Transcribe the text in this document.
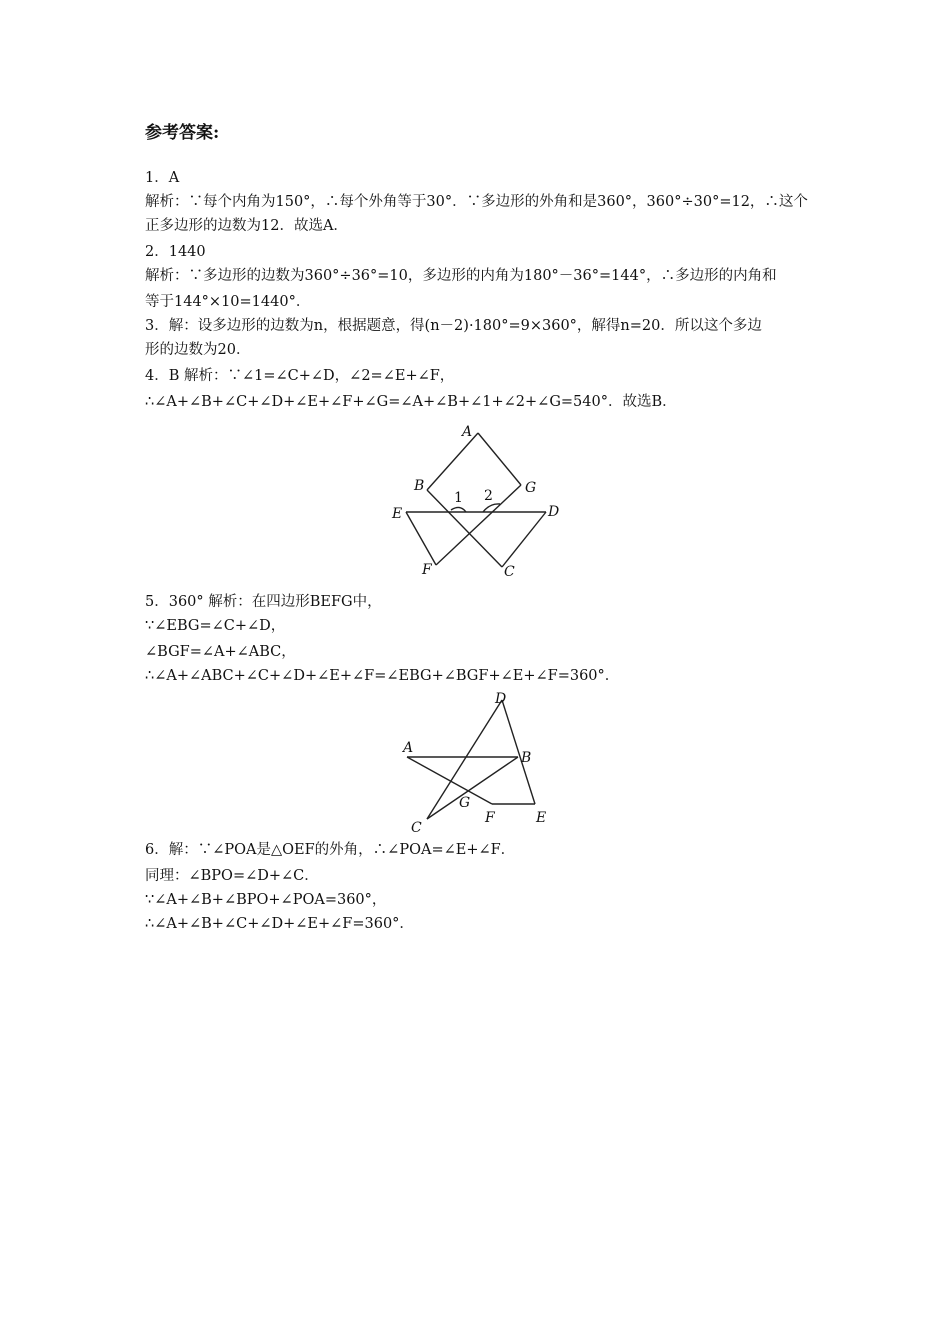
参考答案:
1．A
解析：∵每个内角为150°，∴每个外角等于30°．∵多边形的外角和是360°，360°÷30°=12，∴这个
正多边形的边数为12．故选A．
2．1440
解析：∵多边形的边数为360°÷36°=10，多边形的内角为180°－36°=144°，∴多边形的内角和
等于144°×10=1440°．
3．解：设多边形的边数为n，根据题意，得(n－2)·180°=9×360°，解得n=20．所以这个多边
形的边数为20．
4．B 解析：∵∠1=∠C+∠D，∠2=∠E+∠F，
∴∠A+∠B+∠C+∠D+∠E+∠F+∠G=∠A+∠B+∠1+∠2+∠G=540°．故选B．
A
B	G
E	D
F	C
1 2
5．360° 解析：在四边形BEFG中，
∵∠EBG=∠C+∠D，
∠BGF=∠A+∠ABC，
∴∠A+∠ABC+∠C+∠D+∠E+∠F=∠EBG+∠BGF+∠E+∠F=360°．
D
A
B
G
C
F	E
6．解：∵∠POA是△OEF的外角，∴∠POA=∠E+∠F．
同理：∠BPO=∠D+∠C．
∵∠A+∠B+∠BPO+∠POA=360°，
∴∠A+∠B+∠C+∠D+∠E+∠F=360°．
